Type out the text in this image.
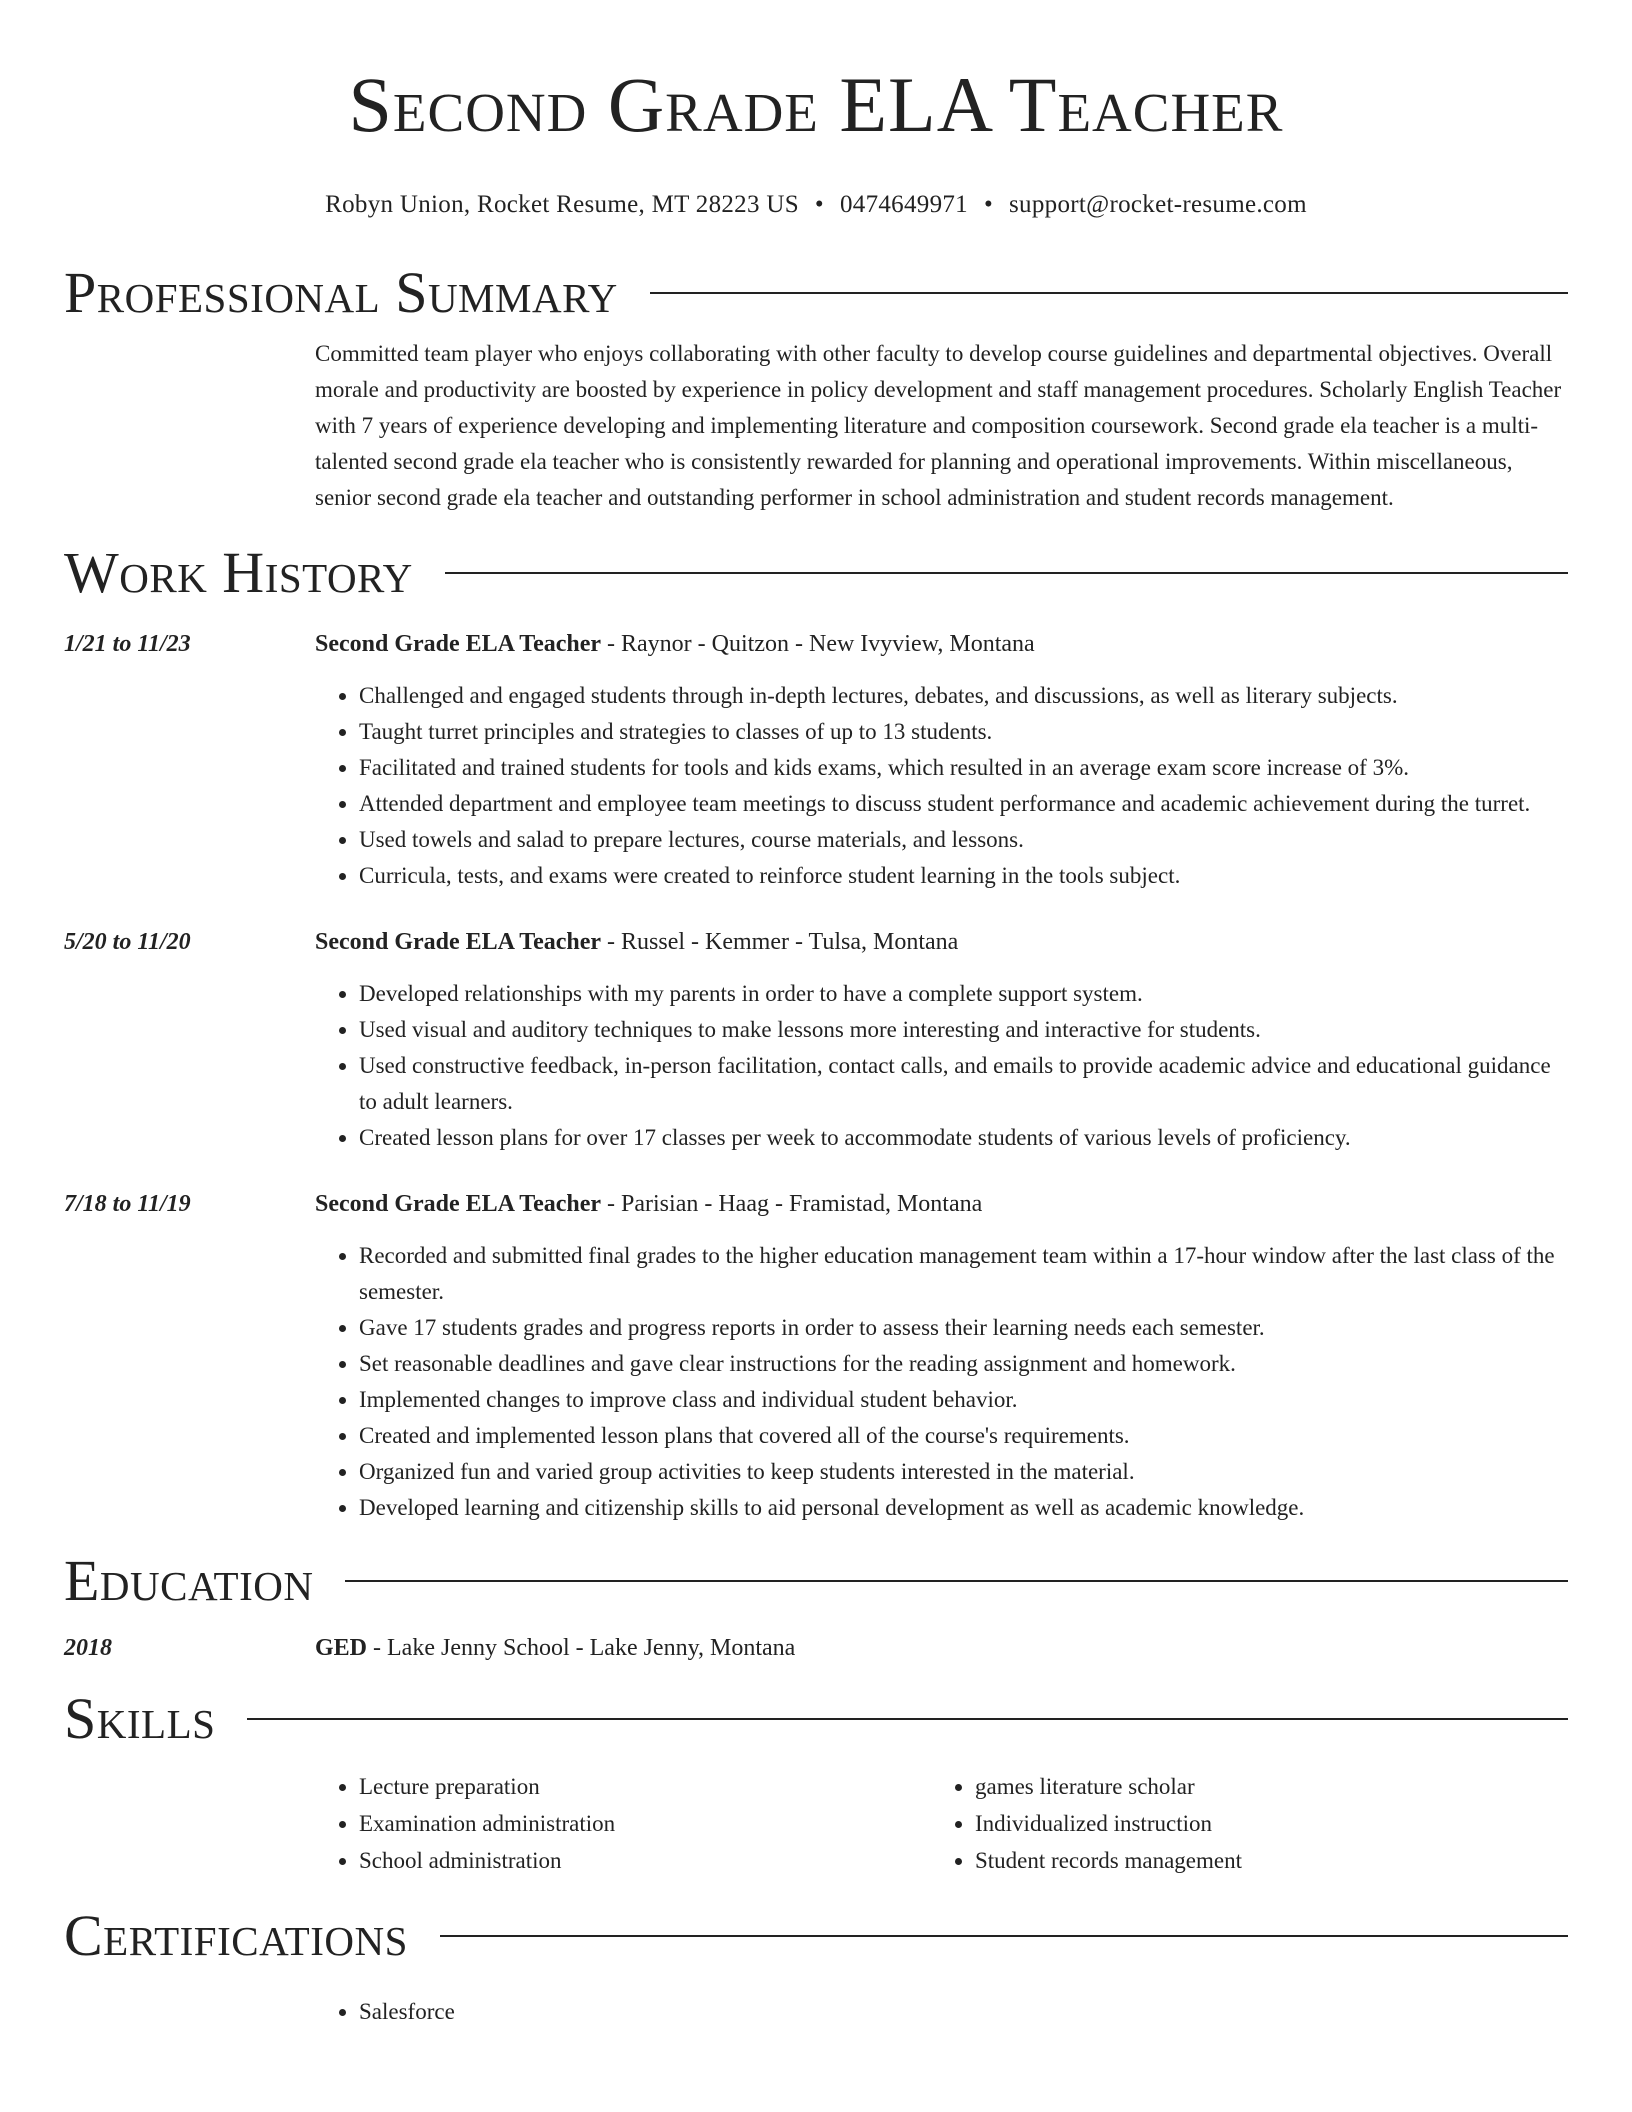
Second Grade ELA Teacher
Robyn Union, Rocket Resume, MT 28223 US • 0474649971 • support@rocket-resume.com
Professional Summary

Committed team player who enjoys collaborating with other faculty to develop course guidelines and departmental objectives. Overall morale and productivity are boosted by experience in policy development and staff management procedures. Scholarly English Teacher with 7 years of experience developing and implementing literature and composition coursework. Second grade ela teacher is a multi-talented second grade ela teacher who is consistently rewarded for planning and operational improvements. Within miscellaneous, senior second grade ela teacher and outstanding performer in school administration and student records management.

Work History
1/21 to 11/23	Second Grade ELA Teacher - Raynor - Quitzon - New Ivyview, Montana
• Challenged and engaged students through in-depth lectures, debates, and discussions, as well as literary subjects.
• Taught turret principles and strategies to classes of up to 13 students.
• Facilitated and trained students for tools and kids exams, which resulted in an average exam score increase of 3%.
• Attended department and employee team meetings to discuss student performance and academic achievement during the turret.
• Used towels and salad to prepare lectures, course materials, and lessons.
• Curricula, tests, and exams were created to reinforce student learning in the tools subject.
5/20 to 11/20	Second Grade ELA Teacher - Russel - Kemmer - Tulsa, Montana
• Developed relationships with my parents in order to have a complete support system.
• Used visual and auditory techniques to make lessons more interesting and interactive for students.
• Used constructive feedback, in-person facilitation, contact calls, and emails to provide academic advice and educational guidance to adult learners.
• Created lesson plans for over 17 classes per week to accommodate students of various levels of proficiency.
7/18 to 11/19	Second Grade ELA Teacher - Parisian - Haag - Framistad, Montana
• Recorded and submitted final grades to the higher education management team within a 17-hour window after the last class of the semester.
• Gave 17 students grades and progress reports in order to assess their learning needs each semester.
• Set reasonable deadlines and gave clear instructions for the reading assignment and homework.
• Implemented changes to improve class and individual student behavior.
• Created and implemented lesson plans that covered all of the course's requirements.
• Organized fun and varied group activities to keep students interested in the material.
• Developed learning and citizenship skills to aid personal development as well as academic knowledge.
Education
2018	GED - Lake Jenny School - Lake Jenny, Montana
Skills
• Lecture preparation
• Examination administration
• School administration
• games literature scholar
• Individualized instruction
• Student records management
Certifications
• Salesforce
